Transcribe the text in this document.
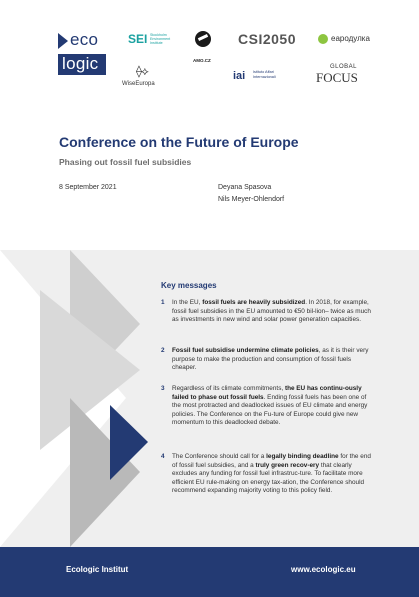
eco
logic
SEI Stockholm Environment Institute
AMO.CZ
CSI2050	eapодулка
⟠⟡
WiseEuropa
iai Istituto Affari Internazionali
GLOBAL
FOCUS
Conference on the Future of Europe
Phasing out fossil fuel subsidies
8 September 2021	Deyana Spasova
Nils Meyer-Ohlendorf
Key messages
1 In the EU, fossil fuels are heavily subsidized. In 2018, for example, fossil fuel subsidies in the EU amounted to €50 bil-lion– twice as much as investments in new wind and solar power generation capacities.
2 Fossil fuel subsidise undermine climate policies, as it is their very purpose to make the production and consumption of fossil fuels cheaper.
3 Regardless of its climate commitments, the EU has continu-ously failed to phase out fossil fuels. Ending fossil fuels has been one of the most protracted and deadlocked issues of EU climate and energy policies. The Conference on the Fu-ture of Europe could give new momentum to this deadlocked debate.
4 The Conference should call for a legally binding deadline for the end of fossil fuel subsidies, and a truly green recov-ery that clearly excludes any funding for fossil fuel infrastruc-ture. To facilitate more efficient EU rule-making on energy tax-ation, the Conference should recommend expanding majority voting to this policy field.
Ecologic Institut	www.ecologic.eu
